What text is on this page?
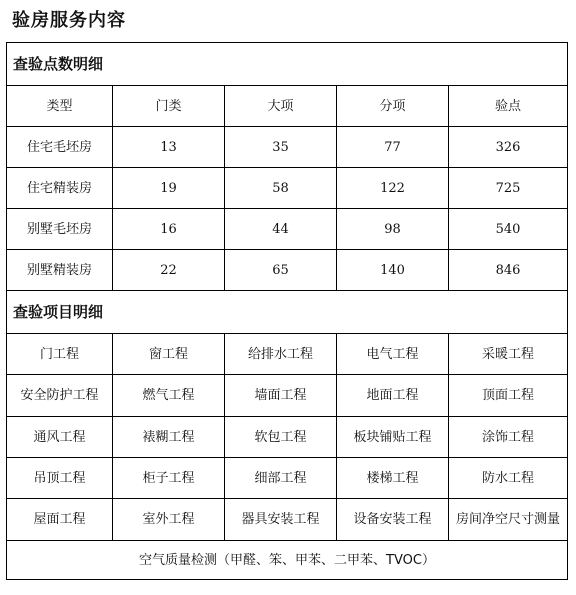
验房服务内容
查验点数明细				
类型	门类	大项	分项	验点
住宅毛坯房	13	35	77	326
住宅精装房	19	58	122	725
别墅毛坯房	16	44	98	540
别墅精装房	22	65	140	846
查验项目明细				
门工程	窗工程	给排水工程	电气工程	采暖工程
安全防护工程	燃气工程	墙面工程	地面工程	顶面工程
通风工程	裱糊工程	软包工程	板块铺贴工程	涂饰工程
吊顶工程	柜子工程	细部工程	楼梯工程	防水工程
屋面工程	室外工程	器具安装工程	设备安装工程	房间净空尺寸测量
空气质量检测（甲醛、笨、甲苯、二甲苯、TVOC）				
